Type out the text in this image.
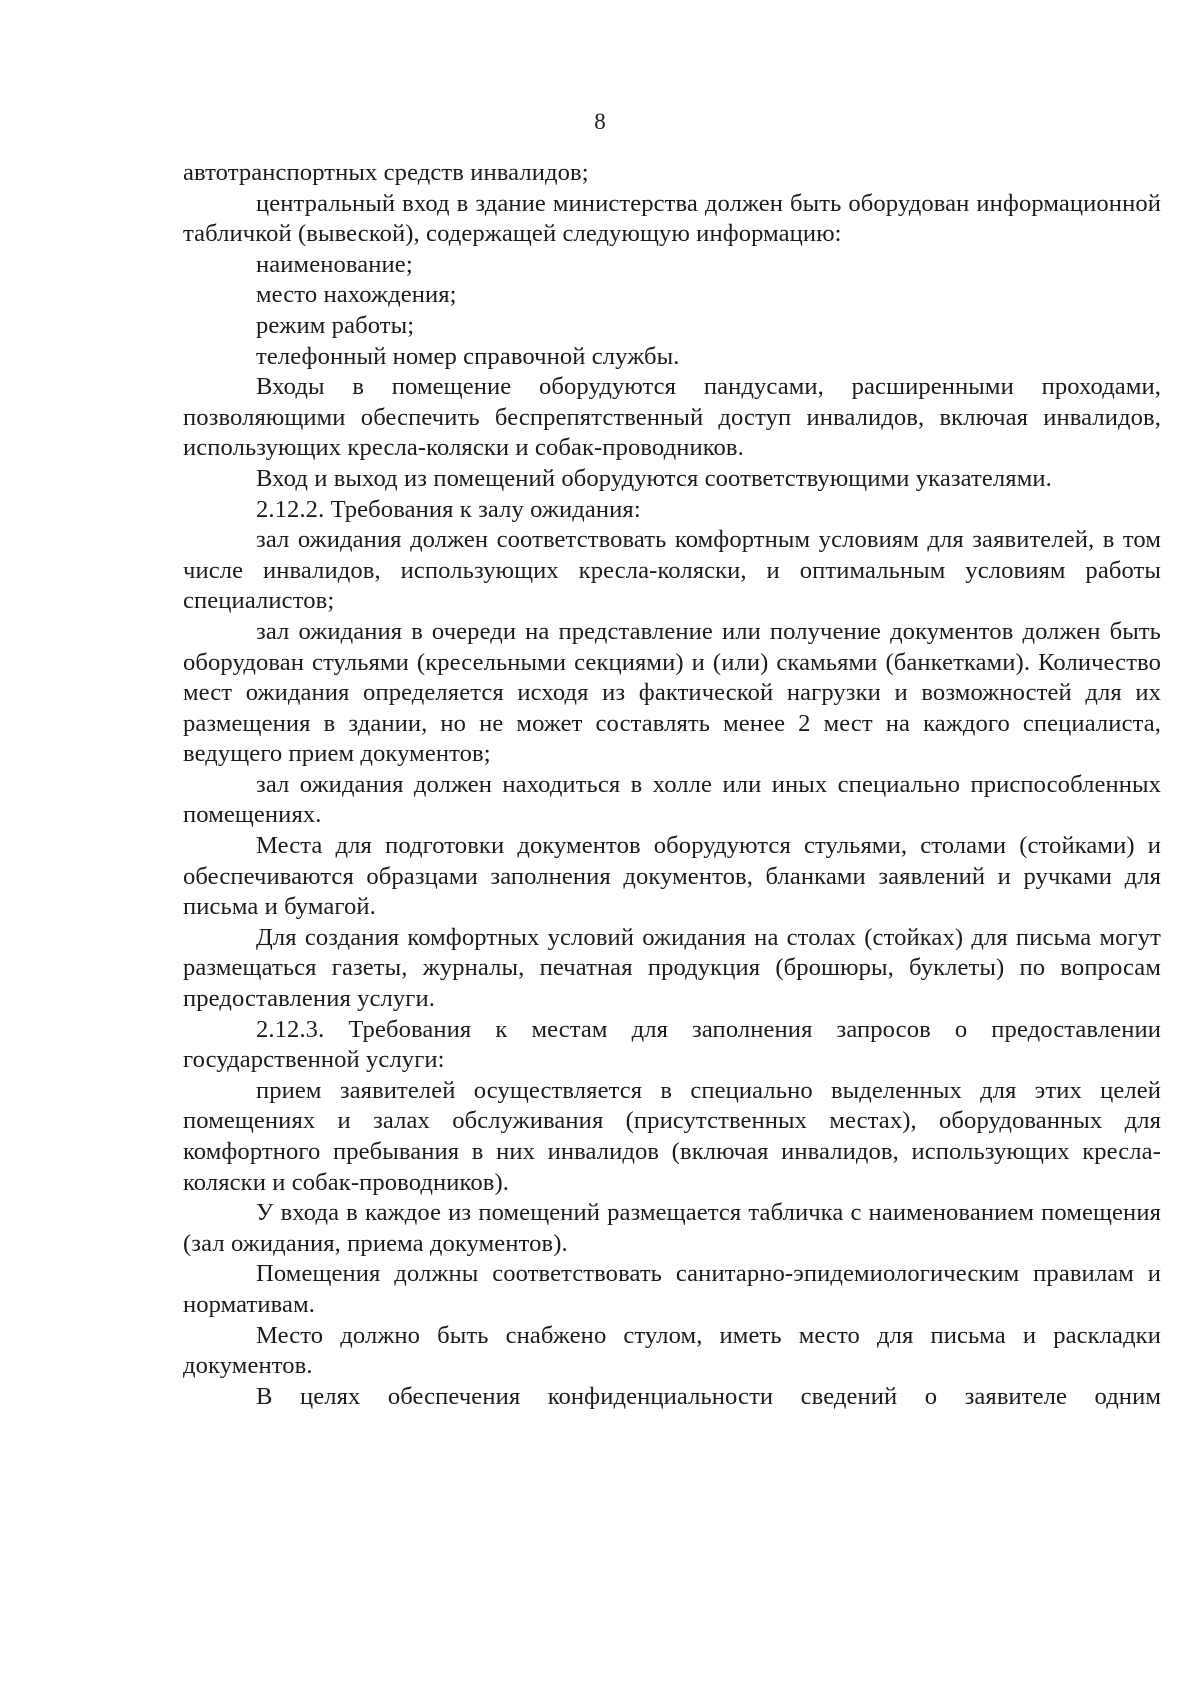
8

автотранспортных средств инвалидов;

центральный вход в здание министерства должен быть оборудован информационной табличкой (вывеской), содержащей следующую информацию:

наименование;

место нахождения;

режим работы;

телефонный номер справочной службы.

Входы в помещение оборудуются пандусами, расширенными проходами, позволяющими обеспечить беспрепятственный доступ инвалидов, включая инвалидов, использующих кресла-коляски и собак-проводников.

Вход и выход из помещений оборудуются соответствующими указателями.

2.12.2. Требования к залу ожидания:

зал ожидания должен соответствовать комфортным условиям для заявителей, в том числе инвалидов, использующих кресла-коляски, и оптимальным условиям работы специалистов;

зал ожидания в очереди на представление или получение документов должен быть оборудован стульями (кресельными секциями) и (или) скамьями (банкетками). Количество мест ожидания определяется исходя из фактической нагрузки и возможностей для их размещения в здании, но не может составлять менее 2 мест на каждого специалиста, ведущего прием документов;

зал ожидания должен находиться в холле или иных специально приспособленных помещениях.

Места для подготовки документов оборудуются стульями, столами (стойками) и обеспечиваются образцами заполнения документов, бланками заявлений и ручками для письма и бумагой.

Для создания комфортных условий ожидания на столах (стойках) для письма могут размещаться газеты, журналы, печатная продукция (брошюры, буклеты) по вопросам предоставления услуги.

2.12.3. Требования к местам для заполнения запросов о предоставлении государственной услуги:

прием заявителей осуществляется в специально выделенных для этих целей помещениях и залах обслуживания (присутственных местах), оборудованных для комфортного пребывания в них инвалидов (включая инвалидов, использующих кресла-коляски и собак-проводников).

У входа в каждое из помещений размещается табличка с наименованием помещения (зал ожидания, приема документов).

Помещения должны соответствовать санитарно-эпидемиологическим правилам и нормативам.

Место должно быть снабжено стулом, иметь место для письма и раскладки документов.

В целях обеспечения конфиденциальности сведений о заявителе одним
